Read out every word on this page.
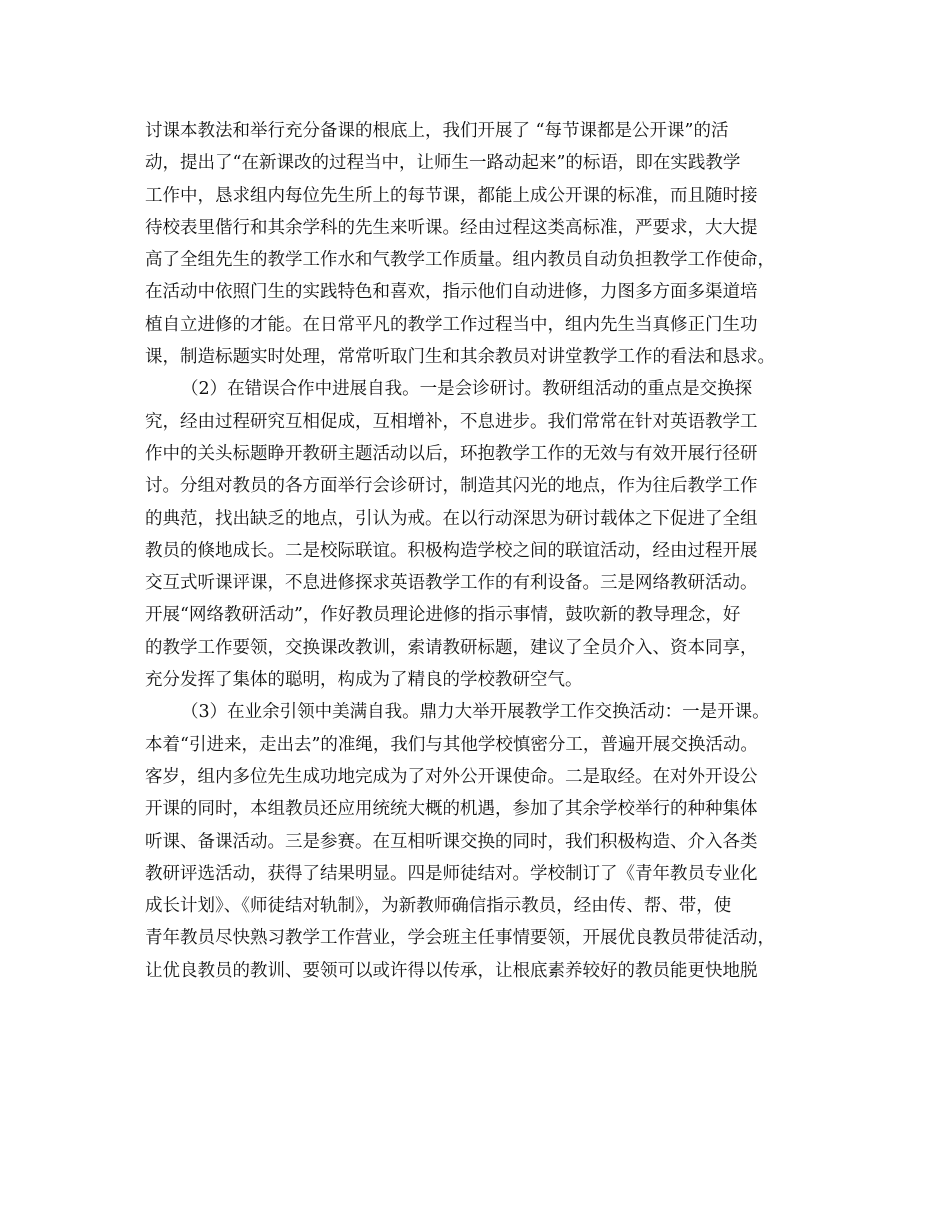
讨课本教法和举行充分备课的根底上，我们开展了 “每节课都是公开课”的活
动，提出了“在新课改的过程当中，让师生一路动起来”的标语，即在实践教学
工作中，恳求组内每位先生所上的每节课，都能上成公开课的标准，而且随时接
待校表里偕行和其余学科的先生来听课。经由过程这类高标准，严要求，大大提
高了全组先生的教学工作水和气教学工作质量。组内教员自动负担教学工作使命，
在活动中依照门生的实践特色和喜欢，指示他们自动进修，力图多方面多渠道培
植自立进修的才能。在日常平凡的教学工作过程当中，组内先生当真修正门生功
课，制造标题实时处理，常常听取门生和其余教员对讲堂教学工作的看法和恳求。
（2）在错误合作中进展自我。一是会诊研讨。教研组活动的重点是交换探
究，经由过程研究互相促成，互相增补，不息进步。我们常常在针对英语教学工
作中的关头标题睁开教研主题活动以后，环抱教学工作的无效与有效开展行径研
讨。分组对教员的各方面举行会诊研讨，制造其闪光的地点，作为往后教学工作
的典范，找出缺乏的地点，引认为戒。在以行动深思为研讨载体之下促进了全组
教员的倏地成长。二是校际联谊。积极构造学校之间的联谊活动，经由过程开展
交互式听课评课，不息进修探求英语教学工作的有利设备。三是网络教研活动。
开展“网络教研活动”，作好教员理论进修的指示事情，鼓吹新的教导理念，好
的教学工作要领，交换课改教训，索请教研标题，建议了全员介入、资本同享，
充分发挥了集体的聪明，构成为了精良的学校教研空气。
（3）在业余引领中美满自我。鼎力大举开展教学工作交换活动：一是开课。
本着“引进来，走出去”的准绳，我们与其他学校慎密分工，普遍开展交换活动。
客岁，组内多位先生成功地完成为了对外公开课使命。二是取经。在对外开设公
开课的同时，本组教员还应用统统大概的机遇，参加了其余学校举行的种种集体
听课、备课活动。三是参赛。在互相听课交换的同时，我们积极构造、介入各类
教研评选活动，获得了结果明显。四是师徒结对。学校制订了《青年教员专业化
成长计划》、《师徒结对轨制》，为新教师确信指示教员，经由传、帮、带，使
青年教员尽快熟习教学工作营业，学会班主任事情要领，开展优良教员带徒活动，
让优良教员的教训、要领可以或许得以传承，让根底素养较好的教员能更快地脱
